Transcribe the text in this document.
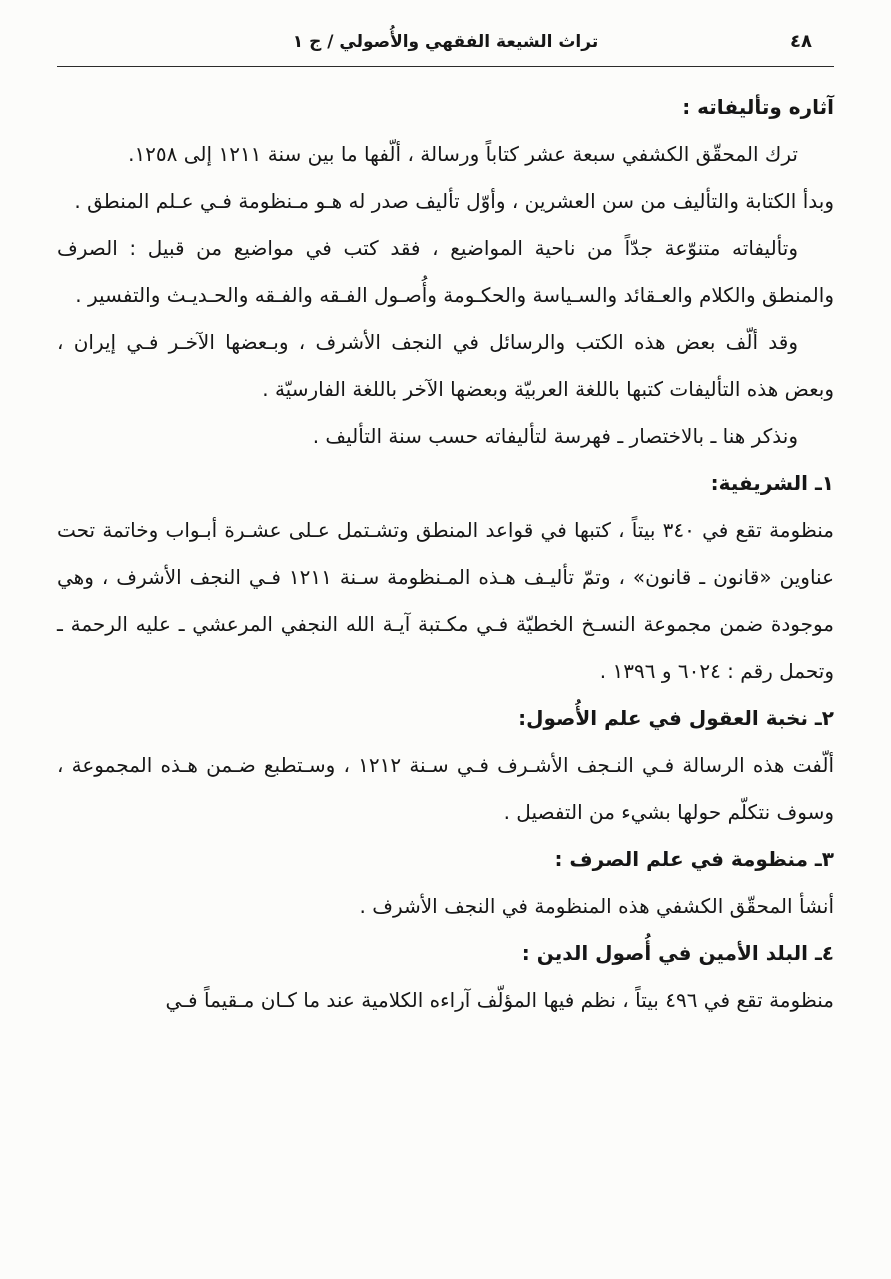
تراث الشيعة الفقهي والأُصولي / ج ١	٤٨
آثاره وتأليفاته :

ترك المحقّق الكشفي سبعة عشر كتاباً ورسالة ، ألّفها ما بين سنة ١٢١١ إلى ١٢٥٨.

وبدأ الكتابة والتأليف من سن العشرين ، وأوّل تأليف صدر له هـو مـنظومة فـي عـلم المنطق .

وتأليفاته متنوّعة جدّاً من ناحية المواضيع ، فقد كتب في مواضيع من قبيل : الصرف والمنطق والكلام والعـقائد والسـياسة والحكـومة وأُصـول الفـقه والفـقه والحـديـث والتفسير .

وقد ألّف بعض هذه الكتب والرسائل في النجف الأشرف ، وبـعضها الآخـر فـي إيران ، وبعض هذه التأليفات كتبها باللغة العربيّة وبعضها الآخر باللغة الفارسيّة .

ونذكر هنا ـ بالاختصار ـ فهرسة لتأليفاته حسب سنة التأليف .

١ـ الشريفية:

منظومة تقع في ٣٤٠ بيتاً ، كتبها في قواعد المنطق وتشـتمل عـلى عشـرة أبـواب وخاتمة تحت عناوين «قانون ـ قانون» ، وتمّ تأليـف هـذه المـنظومة سـنة ١٢١١ فـي النجف الأشرف ، وهي موجودة ضمن مجموعة النسـخ الخطيّة فـي مكـتبة آيـة الله النجفي المرعشي ـ عليه الرحمة ـ وتحمل رقم : ٦٠٢٤ و ١٣٩٦ .

٢ـ نخبة العقول في علم الأُصول:

ألّفت هذه الرسالة فـي النـجف الأشـرف فـي سـنة ١٢١٢ ، وسـتطبع ضـمن هـذه المجموعة ، وسوف نتكلّم حولها بشيء من التفصيل .

٣ـ منظومة في علم الصرف :

أنشأ المحقّق الكشفي هذه المنظومة في النجف الأشرف .

٤ـ البلد الأمين في أُصول الدين :

منظومة تقع في ٤٩٦ بيتاً ، نظم فيها المؤلّف آراءه الكلامية عند ما كـان مـقيماً فـي
